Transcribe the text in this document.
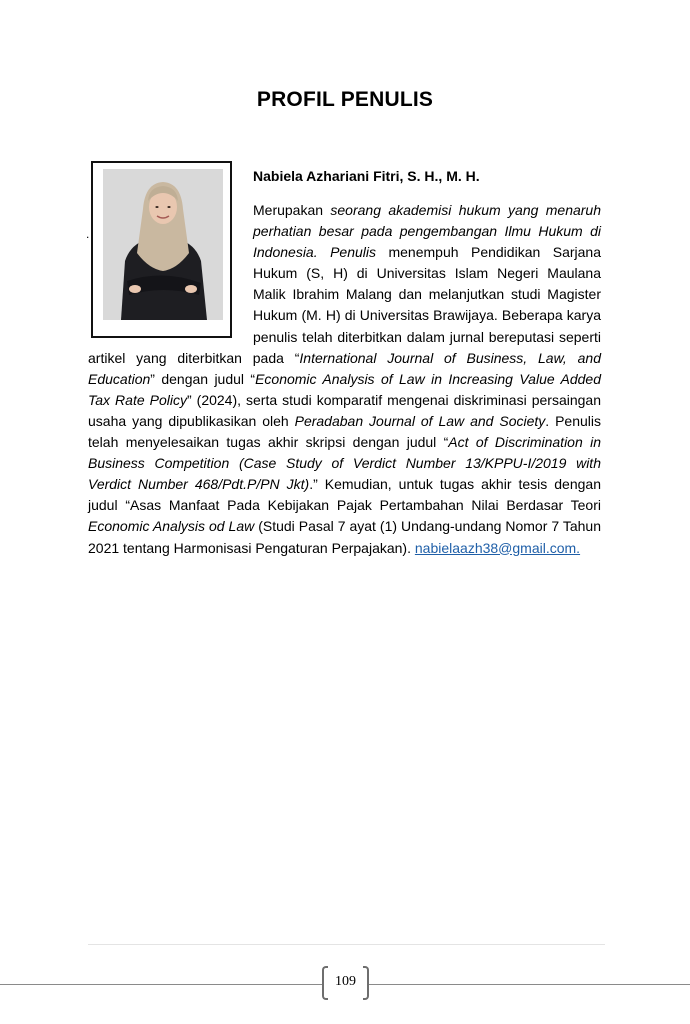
PROFIL PENULIS
.
Nabiela Azhariani Fitri, S. H., M. H.

Merupakan seorang akademisi hukum yang menaruh perhatian besar pada pengembangan Ilmu Hukum di Indonesia. Penulis menempuh Pendidikan Sarjana Hukum (S, H) di Universitas Islam Negeri Maulana Malik Ibrahim Malang dan melanjutkan studi Magister Hukum (M. H) di Universitas Brawijaya. Beberapa karya penulis telah diterbitkan dalam jurnal bereputasi seperti artikel yang diterbitkan pada “International Journal of Business, Law, and Education” dengan judul “Economic Analysis of Law in Increasing Value Added Tax Rate Policy” (2024), serta studi komparatif mengenai diskriminasi persaingan usaha yang dipublikasikan oleh Peradaban Journal of Law and Society. Penulis telah menyelesaikan tugas akhir skripsi dengan judul “Act of Discrimination in Business Competition (Case Study of Verdict Number 13/KPPU-I/2019 with Verdict Number 468/Pdt.P/PN Jkt).” Kemudian, untuk tugas akhir tesis dengan judul “Asas Manfaat Pada Kebijakan Pajak Pertambahan Nilai Berdasar Teori Economic Analysis od Law (Studi Pasal 7 ayat (1) Undang-undang Nomor 7 Tahun 2021 tentang Harmonisasi Pengaturan Perpajakan). nabielaazh38@gmail.com.

109
